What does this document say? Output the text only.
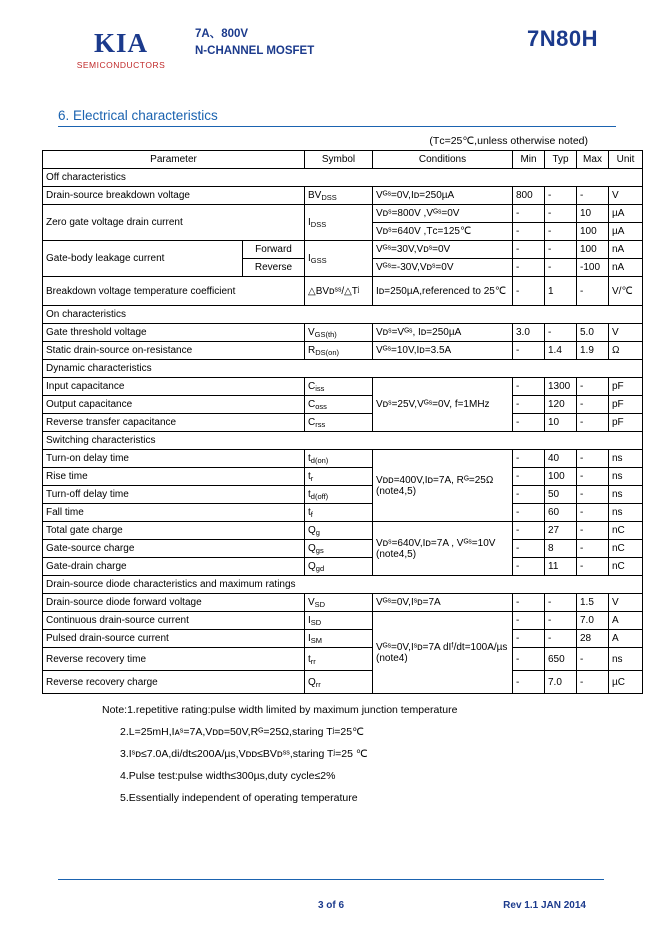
KIA
SEMICONDUCTORS
7A、800V
N-CHANNEL MOSFET	7N80H
6. Electrical characteristics
(Tᴄ=25℃,unless otherwise noted)
Parameter		Symbol	Conditions	Min	Typ	Max	Unit
Off characteristics							
Drain-source breakdown voltage		$BV_{DSS}$	Vᴳˢ=0V,Iᴅ=250µA	800	-	-	V
Zero gate voltage drain current		$I_{DSS}$	Vᴅˢ=800V ,Vᴳˢ=0V	-	-	10	µA
			Vᴅˢ=640V ,Tᴄ=125℃	-	-	100	µA
Gate-body leakage current	Forward	$I_{GSS}$	Vᴳˢ=30V,Vᴅˢ=0V	-	-	100	nA
	Reverse		Vᴳˢ=-30V,Vᴅˢ=0V	-	-	-100	nA
Breakdown voltage temperature coefficient		△BVᴅˢˢ/△Tʲ	Iᴅ=250µA,referenced to 25℃	-	1	-	V/℃
On characteristics							
Gate threshold voltage		$V_{GS(th)}$	Vᴅˢ=Vᴳˢ, Iᴅ=250µA	3.0	-	5.0	V
Static drain-source on-resistance		$R_{DS(on)}$	Vᴳˢ=10V,Iᴅ=3.5A	-	1.4	1.9	Ω
Dynamic characteristics							
Input capacitance		$C_{iss}$	Vᴅˢ=25V,Vᴳˢ=0V, f=1MHz	-	1300	-	pF
Output capacitance		$C_{oss}$		-	120	-	pF
Reverse transfer capacitance		$C_{rss}$		-	10	-	pF
Switching characteristics							
Turn-on delay time		$t_{d(on)}$	Vᴅᴅ=400V,Iᴅ=7A, Rᴳ=25Ω (note4,5)	-	40	-	ns
Rise time		$t_r$		-	100	-	ns
Turn-off delay time		$t_{d(off)}$		-	50	-	ns
Fall time		$t_f$		-	60	-	ns
Total gate charge		$Q_g$	Vᴅˢ=640V,Iᴅ=7A , Vᴳˢ=10V (note4,5)	-	27	-	nC
Gate-source charge		$Q_{gs}$		-	8	-	nC
Gate-drain charge		$Q_{gd}$		-	11	-	nC
Drain-source diode characteristics and maximum ratings							
Drain-source diode forward voltage		$V_{SD}$	Vᴳˢ=0V,Iˢᴅ=7A	-	-	1.5	V
Continuous drain-source current		$I_{SD}$	Vᴳˢ=0V,Iˢᴅ=7A dIᶠ/dt=100A/µs (note4)	-	-	7.0	A
Pulsed drain-source current		$I_{SM}$		-	-	28	A
Reverse recovery time		$t_{rr}$		-	650	-	ns
Reverse recovery charge		$Q_{rr}$		-	7.0	-	µC
Note:1.repetitive rating:pulse width limited by maximum junction temperature
2.L=25mH,Iᴀˢ=7A,Vᴅᴅ=50V,Rᴳ=25Ω,staring Tʲ=25℃
3.Iˢᴅ≤7.0A,di/dt≤200A/µs,Vᴅᴅ≤BVᴅˢˢ,staring Tʲ=25 ℃
4.Pulse test:pulse width≤300µs,duty cycle≤2%
5.Essentially independent of operating temperature
3 of 6	Rev 1.1 JAN 2014
